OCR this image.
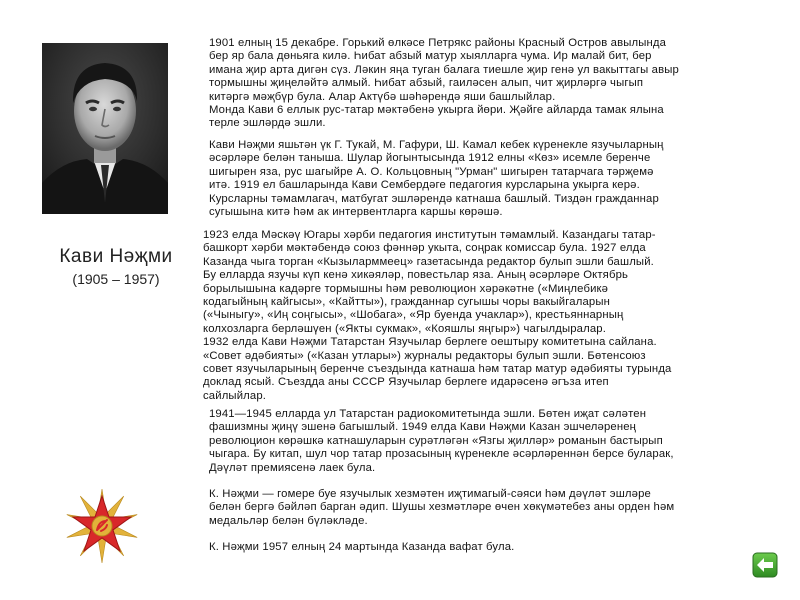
Кави Нәҗми
(1905 – 1957)

1901 елның 15 декабре. Горький өлкәсе Петрякс районы Красный Остров авылында
бер яр бала дөньяга килә. Һибат абзый матур хыялларга чума. Ир малай бит, бер
имана җир арта дигән сүз. Ләкин яңа туган балага тиешле җир генә ул вакыттагы авыр
тормышны җиңеләйтә алмый. Һибат абзый, гаиләсен алып, чит җирләргә чыгып
китәргә мәҗбүр була. Алар Актүбә шәһәрендә яши башлыйлар.
Монда Кави 6 еллык рус-татар мәктәбенә укырга йөри. Җәйге айларда тамак ялына
терле эшләрдә эшли.

Кави Нәҗми яшьтән үк Г. Тукай, М. Гафури, Ш. Камал кебек күренекле язучыларның
әсәрләре белән таныша. Шулар йогынтысында 1912 елны «Көз» исемле беренче
шигырен яза, рус шагыйре А. О. Кольцовның "Урман" шигырен татарчага тәрҗемә
итә. 1919 ел башларында Кави Сембердәге педагогия курсларына укырга керә.
Курсларны тәмамлагач, матбугат эшләрендә катнаша башлый. Тиздән гражданнар
сугышына китә һәм ак интервентларга каршы көрәшә.

1923 елда Мәскәү Югары хәрби педагогия институтын тәмамлый. Казандагы татар-
башкорт хәрби мәктәбендә союз фәннәр укыта, соңрак комиссар була. 1927 елда
Казанда чыга торган «Кызыларммеец» газетасында редактор булып эшли башлый.
Бу елларда язучы күп кенә хикәяләр, повестьлар яза. Аның әсәрләре Октябрь
борылышына кадәрге тормышны һәм революцион хәрәкәтне («Миңлебикә
кодагыйның кайгысы», «Кайтты»), гражданнар сугышы чоры вакыйгаларын
(«Чыныгу», «Иң соңгысы», «Шобага», «Яр буенда учаклар»), крестьяннарның
колхозларга берләшүен («Якты сукмак», «Кояшлы яңгыр») чагылдыралар.
1932 елда Кави Нәҗми Татарстан Язучылар берлеге оештыру комитетына сайлана.
«Совет әдәбияты» («Казан утлары») журналы редакторы булып эшли. Бөтенсоюз
совет язучыларының беренче съездында катнаша һәм татар матур әдәбияты турында
доклад ясый. Съездда аны СССР Язучылар берлеге идарәсенә әгъза итеп
сайлыйлар.

1941—1945 елларда ул Татарстан радиокомитетында эшли. Бөтен иҗат сәләтен
фашизмны җиңү эшенә багышлый. 1949 елда Кави Нәҗми Казан эшчеләренең
революцион көрәшкә катнашуларын сурәтләгән «Язгы җилләр» романын бастырып
чыгара. Бу китап, шул чор татар прозасының күренекле әсәрләреннән берсе буларак,
Дәүләт премиясенә лаек була.

К. Нәҗми — гомере буе язучылык хезмәтен иҗтимагый-сәяси һәм дәүләт эшләре
белән бергә бәйләп барган әдип. Шушы хезмәтләре өчен хөкүмәтебез аны орден һәм
медальләр белән бүләкләде.

К. Нәҗми 1957 елның 24 мартында Казанда вафат була.
